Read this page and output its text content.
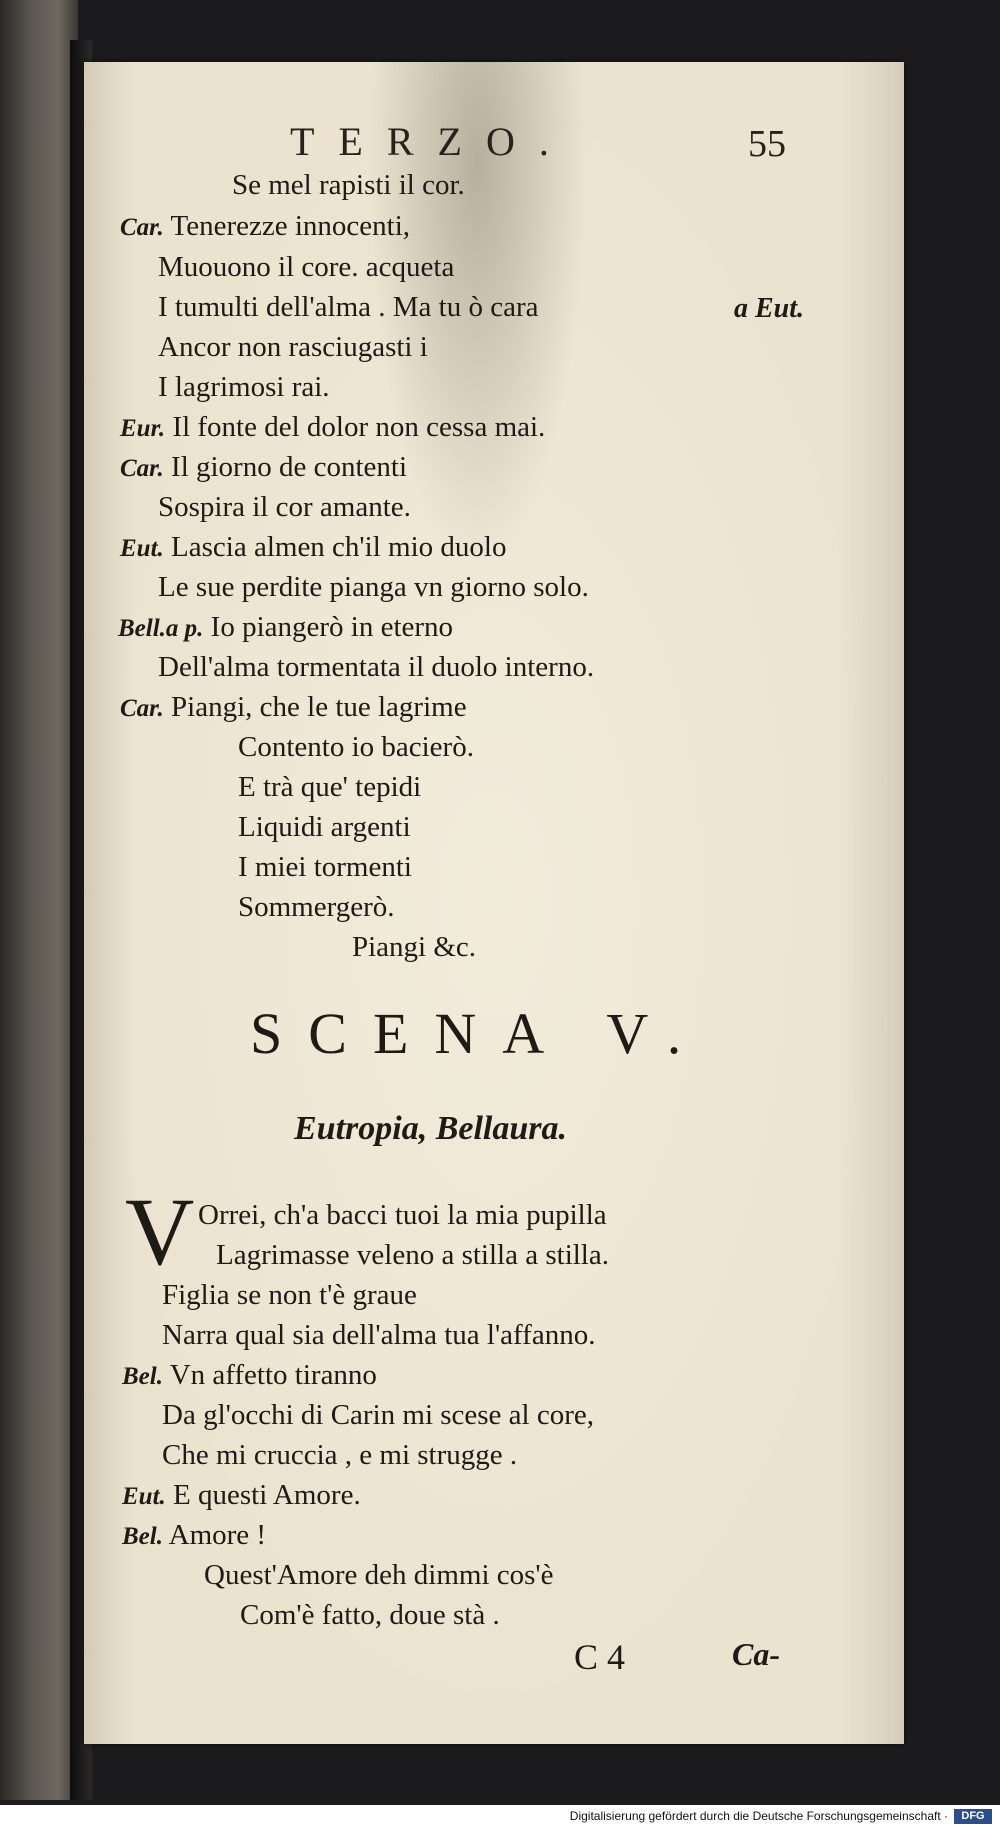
TERZO.	55

Se mel rapisti il cor.

Car. Tenerezze innocenti,

Muouono il core. acqueta

I tumulti dell'alma . Ma tu ò cara	a Eut.

Ancor non rasciugasti i

I lagrimosi rai.

Eur. Il fonte del dolor non cessa mai.

Car. Il giorno de contenti

Sospira il cor amante.

Eut. Lascia almen ch'il mio duolo

Le sue perdite pianga vn giorno solo.

Bell.a p. Io piangerò in eterno

Dell'alma tormentata il duolo interno.

Car. Piangi, che le tue lagrime

Contento io bacierò.

E trà que' tepidi

Liquidi argenti

I miei tormenti

Sommergerò.

Piangi &c.

SCENA V.

Eutropia, Bellaura.

V Orrei, ch'a bacci tuoi la mia pupilla

Lagrimasse veleno a stilla a stilla.

Figlia se non t'è graue

Narra qual sia dell'alma tua l'affanno.

Bel. Vn affetto tiranno

Da gl'occhi di Carin mi scese al core,

Che mi cruccia , e mi strugge .

Eut. E questi Amore.

Bel. Amore !

Quest'Amore deh dimmi cos'è

Com'è fatto, doue stà .

C 4	Ca-

Digitalisierung gefördert durch die Deutsche Forschungsgemeinschaft ·	DFG
